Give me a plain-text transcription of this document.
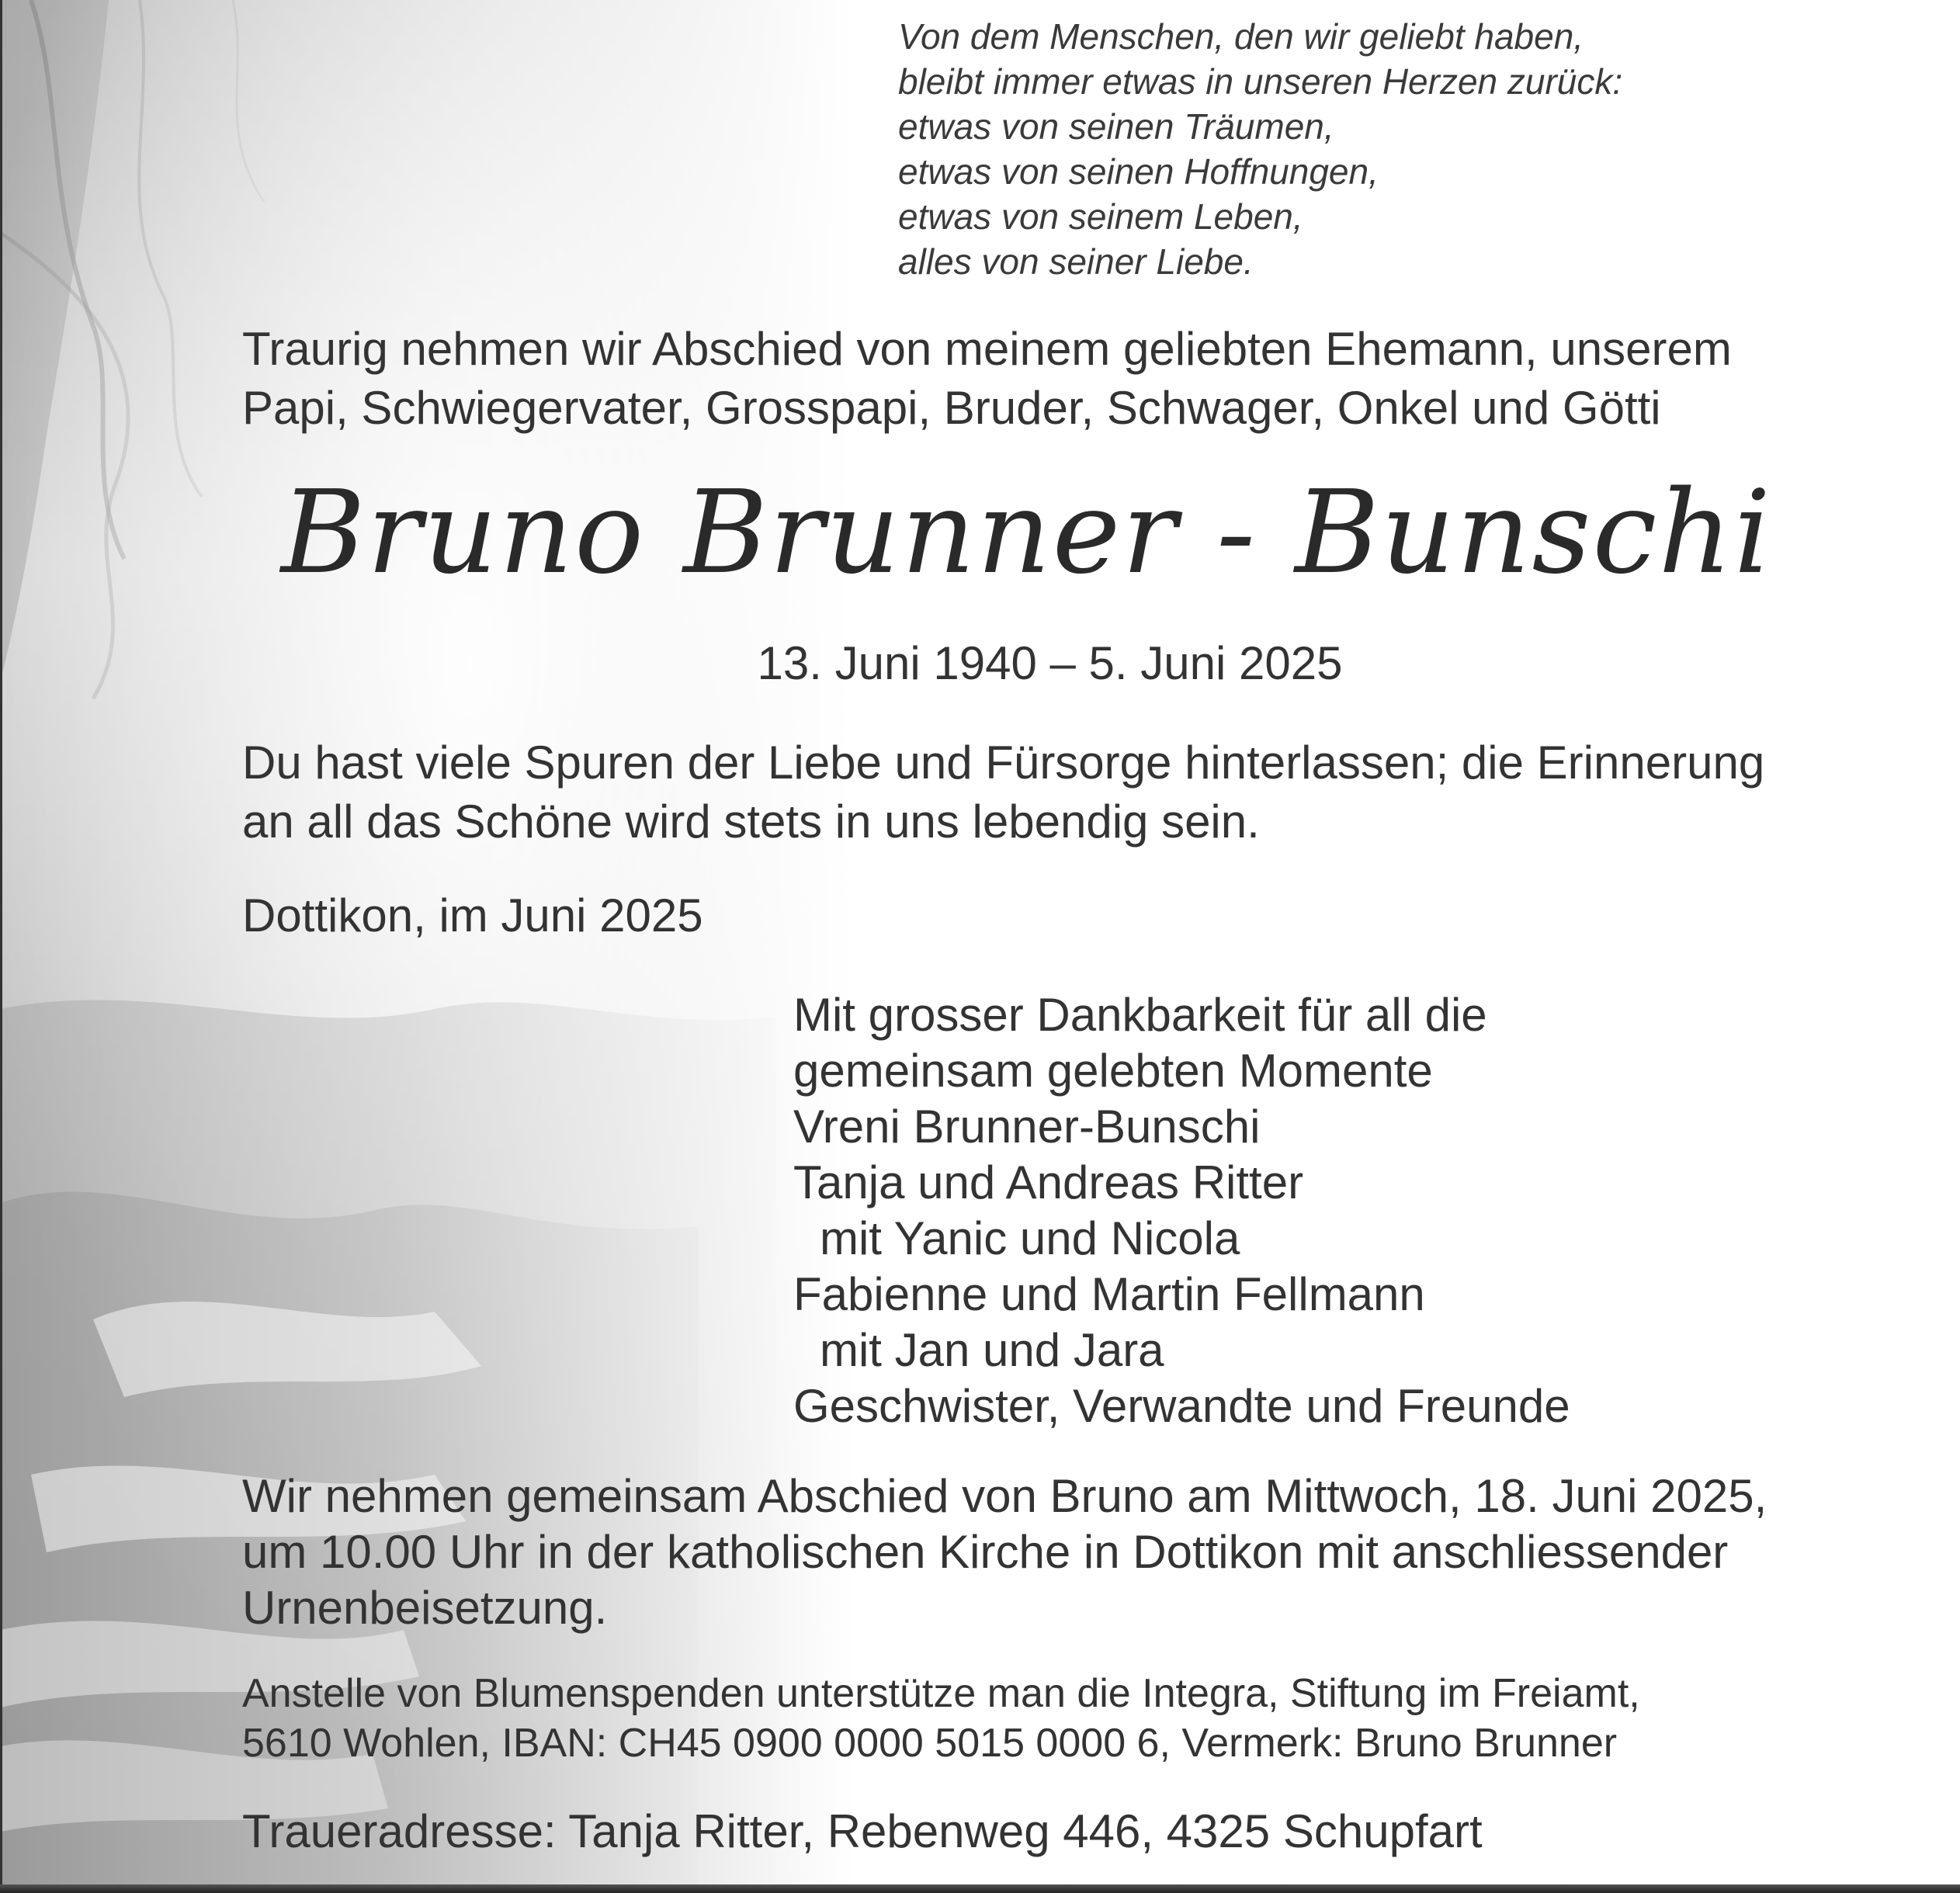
Von dem Menschen, den wir geliebt haben,
bleibt immer etwas in unseren Herzen zurück:
etwas von seinen Träumen,
etwas von seinen Hoffnungen,
etwas von seinem Leben,
alles von seiner Liebe.
Traurig nehmen wir Abschied von meinem geliebten Ehemann, unserem
Papi, Schwiegervater, Grosspapi, Bruder, Schwager, Onkel und Götti
Bruno Brunner - Bunschi
13. Juni 1940 – 5. Juni 2025
Du hast viele Spuren der Liebe und Fürsorge hinterlassen; die Erinnerung
an all das Schöne wird stets in uns lebendig sein.
Dottikon, im Juni 2025
Mit grosser Dankbarkeit für all die
gemeinsam gelebten Momente
Vreni Brunner-Bunschi
Tanja und Andreas Ritter
mit Yanic und Nicola
Fabienne und Martin Fellmann
mit Jan und Jara
Geschwister, Verwandte und Freunde
Wir nehmen gemeinsam Abschied von Bruno am Mittwoch, 18. Juni 2025,
um 10.00 Uhr in der katholischen Kirche in Dottikon mit anschliessender
Urnenbeisetzung.
Anstelle von Blumenspenden unterstütze man die Integra, Stiftung im Freiamt,
5610 Wohlen, IBAN: CH45 0900 0000 5015 0000 6, Vermerk: Bruno Brunner
Traueradresse: Tanja Ritter, Rebenweg 446, 4325 Schupfart
